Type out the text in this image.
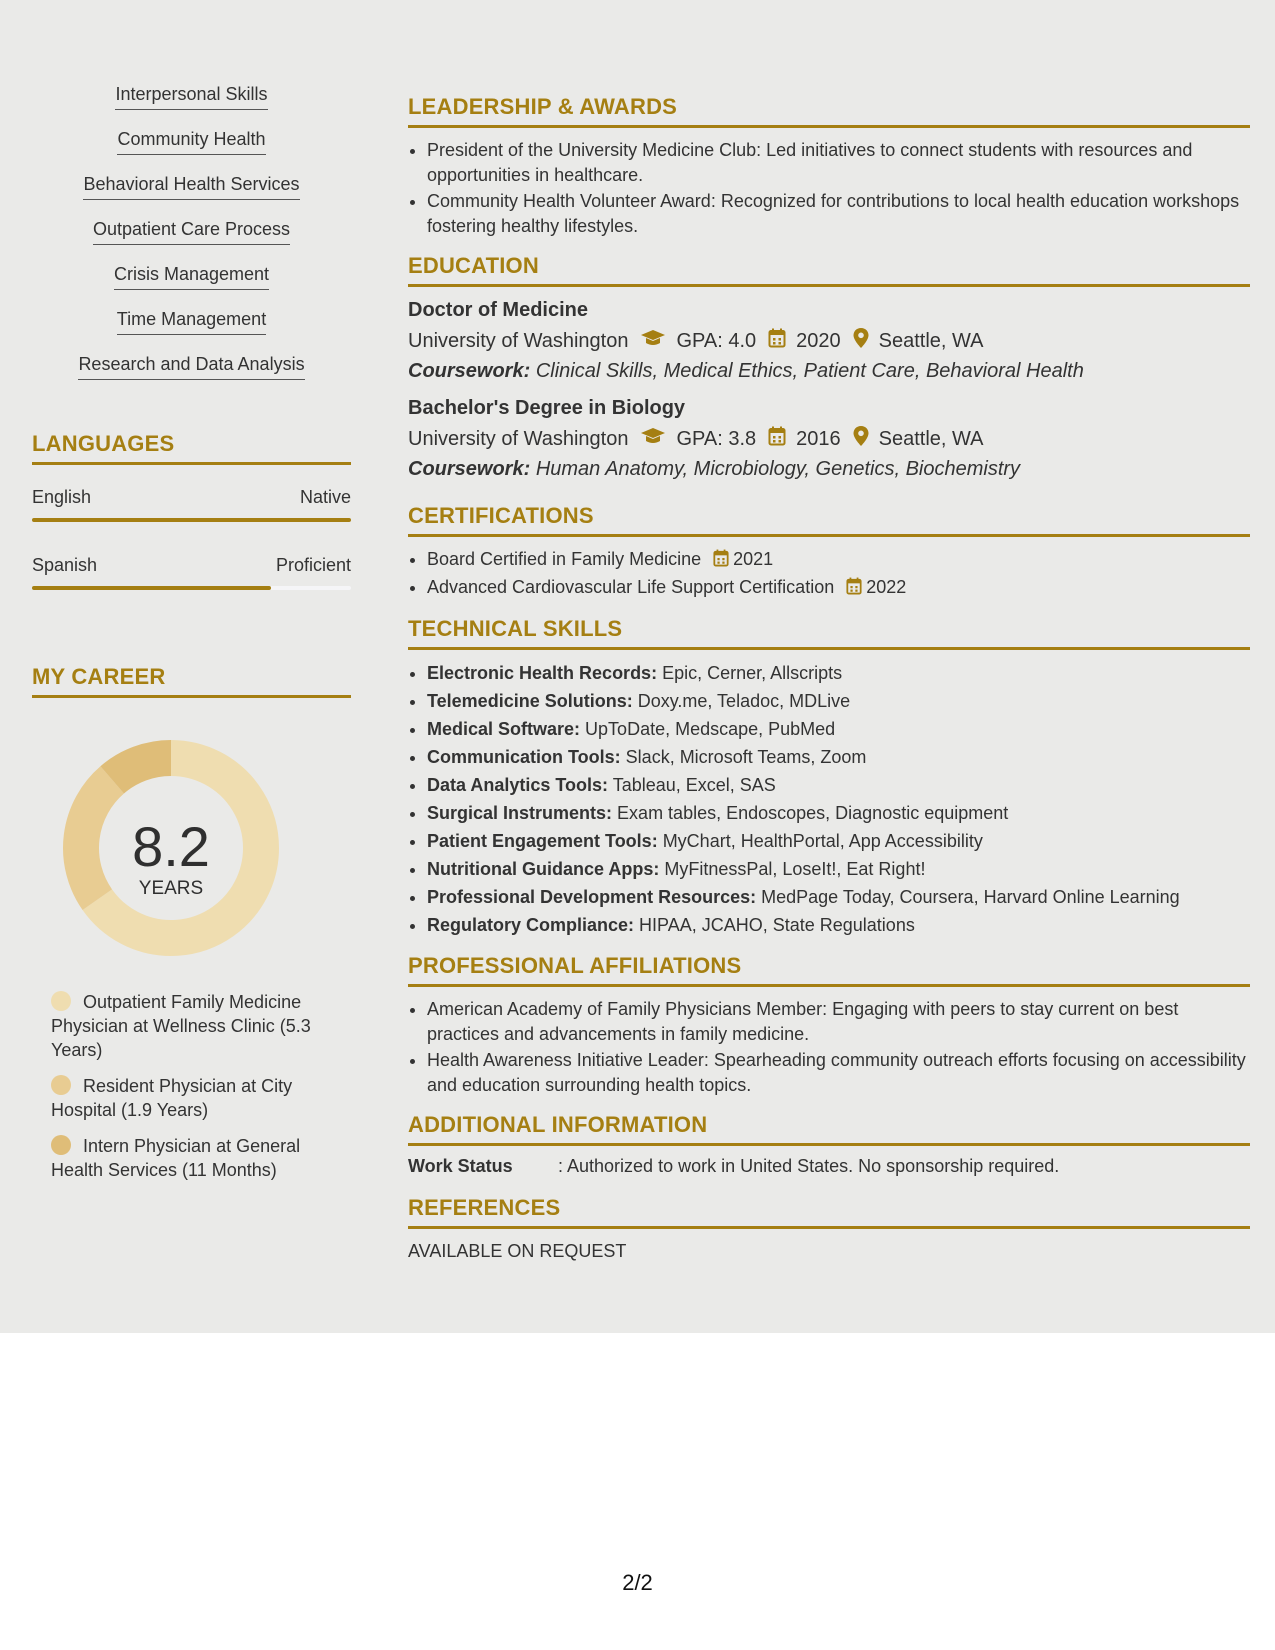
Interpersonal Skills
Community Health
Behavioral Health Services
Outpatient Care Process
Crisis Management
Time Management
Research and Data Analysis
LANGUAGES
English	Native
Spanish	Proficient
MY CAREER
8.2
YEARS
Outpatient Family Medicine Physician at Wellness Clinic (5.3 Years)
Resident Physician at City Hospital (1.9 Years)
Intern Physician at General Health Services (11 Months)
LEADERSHIP & AWARDS
• President of the University Medicine Club: Led initiatives to connect students with resources and opportunities in healthcare.
• Community Health Volunteer Award: Recognized for contributions to local health education workshops fostering healthy lifestyles.
EDUCATION
Doctor of Medicine
University of Washington GPA: 4.0 2020 Seattle, WA
Coursework: Clinical Skills, Medical Ethics, Patient Care, Behavioral Health
Bachelor's Degree in Biology
University of Washington GPA: 3.8 2016 Seattle, WA
Coursework: Human Anatomy, Microbiology, Genetics, Biochemistry
CERTIFICATIONS
• Board Certified in Family Medicine 2021
• Advanced Cardiovascular Life Support Certification 2022
TECHNICAL SKILLS
• Electronic Health Records: Epic, Cerner, Allscripts
• Telemedicine Solutions: Doxy.me, Teladoc, MDLive
• Medical Software: UpToDate, Medscape, PubMed
• Communication Tools: Slack, Microsoft Teams, Zoom
• Data Analytics Tools: Tableau, Excel, SAS
• Surgical Instruments: Exam tables, Endoscopes, Diagnostic equipment
• Patient Engagement Tools: MyChart, HealthPortal, App Accessibility
• Nutritional Guidance Apps: MyFitnessPal, LoseIt!, Eat Right!
• Professional Development Resources: MedPage Today, Coursera, Harvard Online Learning
• Regulatory Compliance: HIPAA, JCAHO, State Regulations
PROFESSIONAL AFFILIATIONS
• American Academy of Family Physicians Member: Engaging with peers to stay current on best practices and advancements in family medicine.
• Health Awareness Initiative Leader: Spearheading community outreach efforts focusing on accessibility and education surrounding health topics.
ADDITIONAL INFORMATION
Work Status	: Authorized to work in United States. No sponsorship required.
REFERENCES
AVAILABLE ON REQUEST
2/2
